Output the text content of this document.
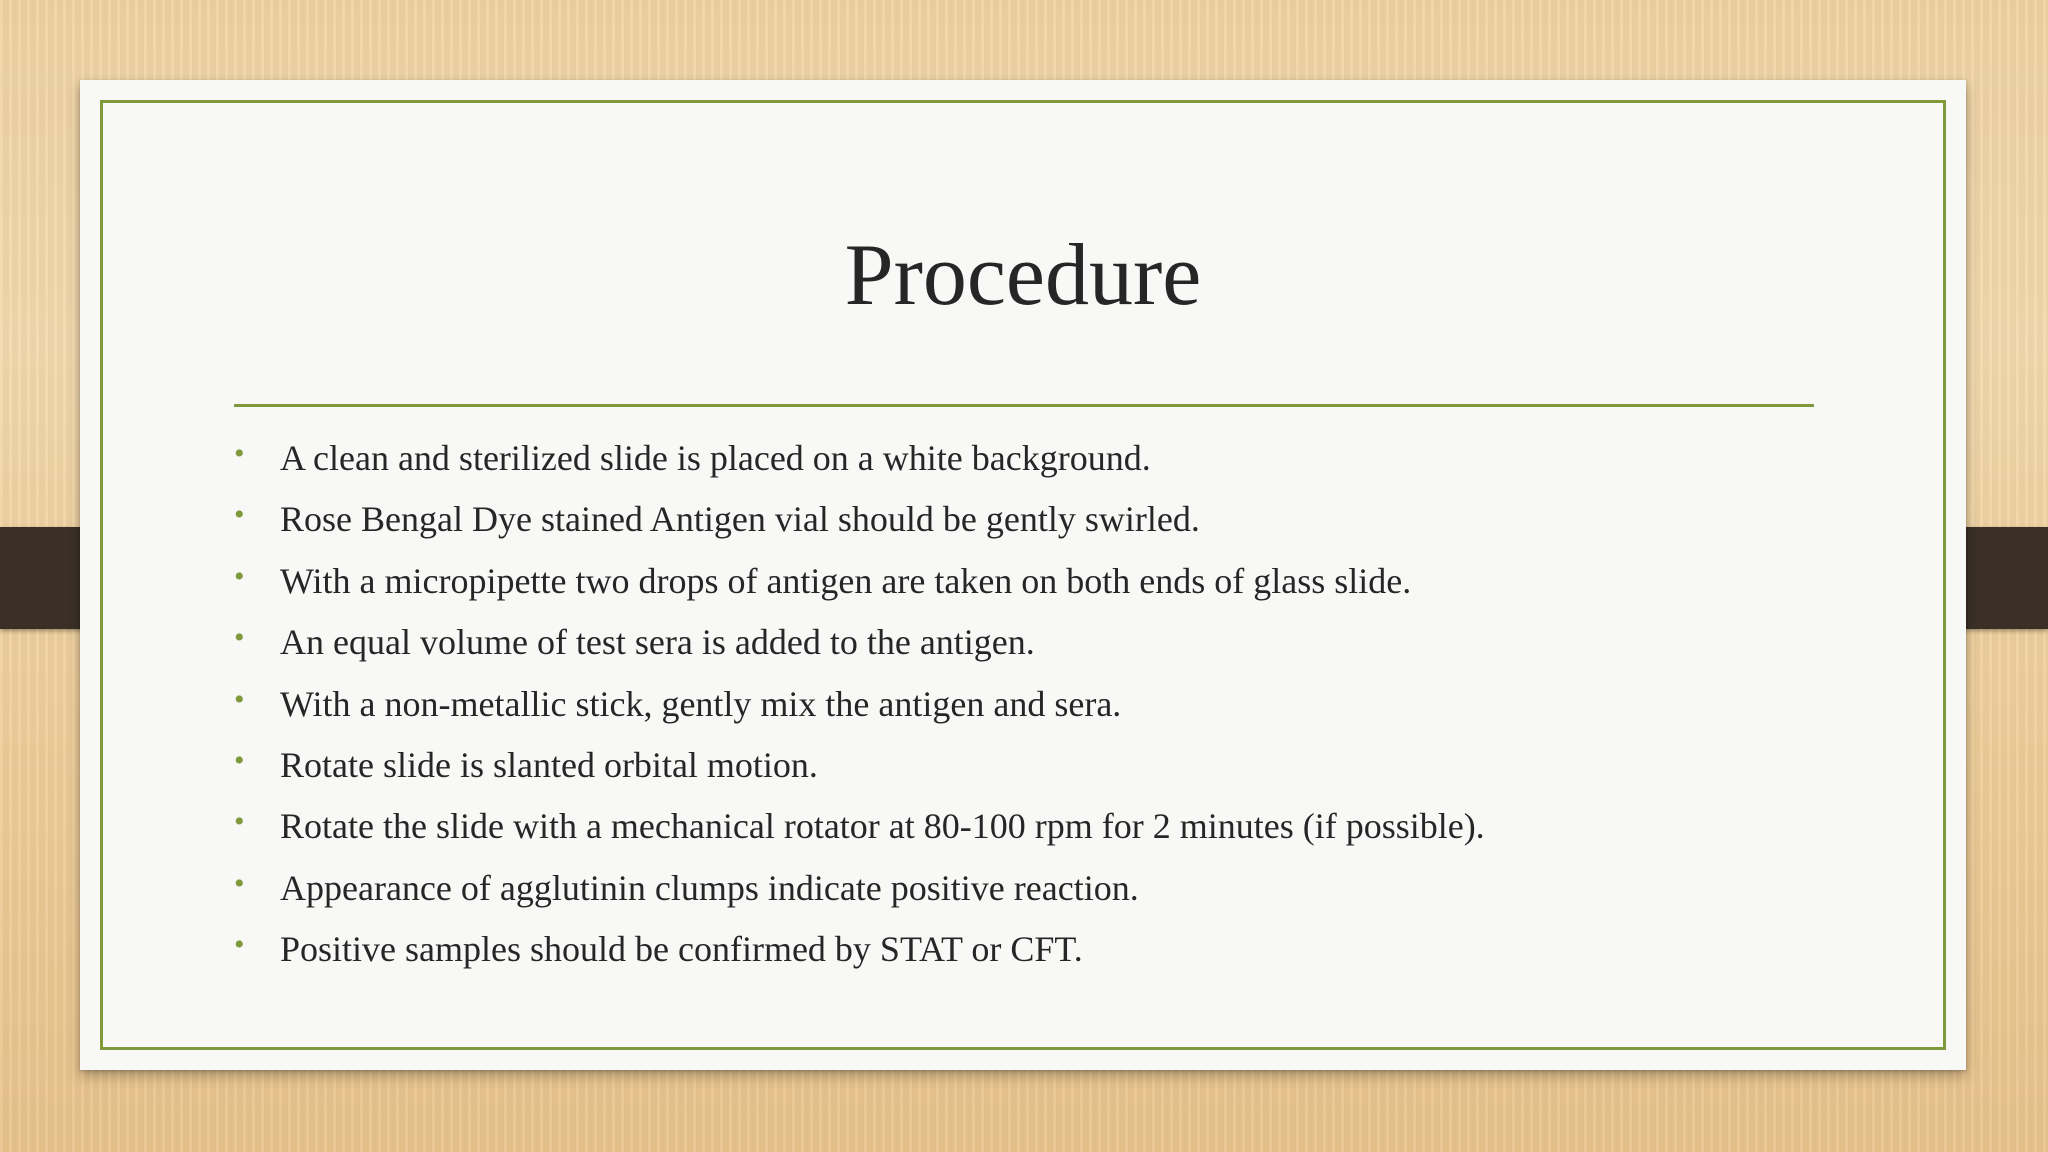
Procedure
• A clean and sterilized slide is placed on a white background.
• Rose Bengal Dye stained Antigen vial should be gently swirled.
• With a micropipette two drops of antigen are taken on both ends of glass slide.
• An equal volume of test sera is added to the antigen.
• With a non-metallic stick, gently mix the antigen and sera.
• Rotate slide is slanted orbital motion.
• Rotate the slide with a mechanical rotator at 80-100 rpm for 2 minutes (if possible).
• Appearance of agglutinin clumps indicate positive reaction.
• Positive samples should be confirmed by STAT or CFT.
